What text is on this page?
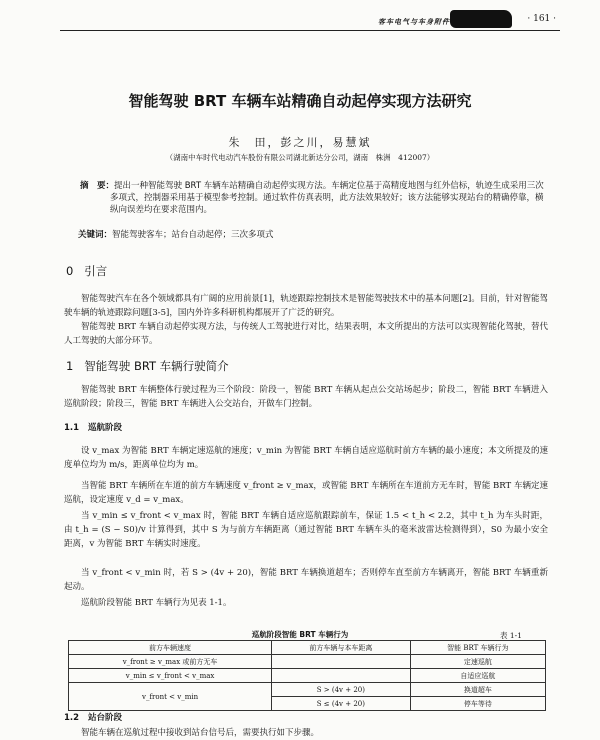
客车电气与车身附件	· 161 ·
智能驾驶 BRT 车辆车站精确自动起停实现方法研究
朱　田，彭之川，易慧斌
（湖南中车时代电动汽车股份有限公司湖北新达分公司，湖南　株洲　412007）
摘　要：提出一种智能驾驶 BRT 车辆车站精确自动起停实现方法。车辆定位基于高精度地图与红外信标，轨迹生成采用三次多项式，控制器采用基于模型参考控制。通过软件仿真表明，此方法效果较好；该方法能够实现站台的精确停靠，横纵向误差均在要求范围内。
关键词：智能驾驶客车；站台自动起停；三次多项式
0 引言
智能驾驶汽车在各个领域都具有广阔的应用前景[1]，轨迹跟踪控制技术是智能驾驶技术中的基本问题[2]。目前，针对智能驾驶车辆的轨迹跟踪问题[3-5]，国内外许多科研机构都展开了广泛的研究。
智能驾驶 BRT 车辆自动起停实现方法，与传统人工驾驶进行对比，结果表明，本文所提出的方法可以实现智能化驾驶，替代人工驾驶的大部分环节。
1 智能驾驶 BRT 车辆行驶简介
智能驾驶 BRT 车辆整体行驶过程为三个阶段：阶段一，智能 BRT 车辆从起点公交站场起步；阶段二，智能 BRT 车辆进入巡航阶段；阶段三，智能 BRT 车辆进入公交站台，开做车门控制。
1.1 巡航阶段
设 v_max 为智能 BRT 车辆定速巡航的速度；v_min 为智能 BRT 车辆自适应巡航时前方车辆的最小速度；本文所提及的速度单位均为 m/s，距离单位均为 m。
当智能 BRT 车辆所在车道的前方车辆速度 v_front ≥ v_max，或智能 BRT 车辆所在车道前方无车时，智能 BRT 车辆定速巡航，设定速度 v_d = v_max。
当 v_min ≤ v_front < v_max 时，智能 BRT 车辆自适应巡航跟踪前车，保证 1.5 < t_h < 2.2，其中 t_h 为车头时距，由 t_h = (S − S0)/v 计算得到，其中 S 为与前方车辆距离（通过智能 BRT 车辆车头的毫米波雷达检测得到），S0 为最小安全距离，v 为智能 BRT 车辆实时速度。
当 v_front < v_min 时，若 S > (4v + 20)，智能 BRT 车辆换道超车；否则停车直至前方车辆离开，智能 BRT 车辆重新起动。
巡航阶段智能 BRT 车辆行为见表 1-1。
巡航阶段智能 BRT 车辆行为	表 1-1
前方车辆速度	前方车辆与本车距离	智能 BRT 车辆行为
v_front ≥ v_max 或前方无车		定速巡航
v_min ≤ v_front < v_max		自适应巡航
v_front < v_min	S > (4v + 20)	换道超车
	S ≤ (4v + 20)	停车等待
1.2 站台阶段
智能车辆在巡航过程中接收到站台信号后，需要执行如下步骤。
